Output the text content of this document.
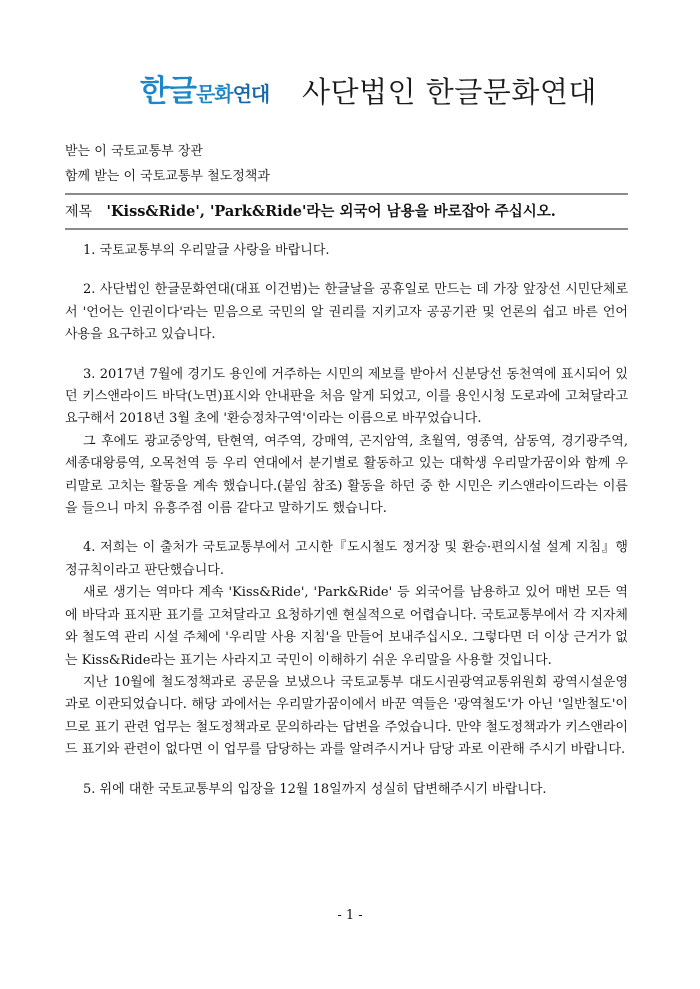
한글문화연대 사단법인 한글문화연대
받는 이 국토교통부 장관
함께 받는 이 국토교통부 철도정책과
제목 'Kiss&Ride', 'Park&Ride'라는 외국어 남용을 바로잡아 주십시오.

1. 국토교통부의 우리말글 사랑을 바랍니다.

2. 사단법인 한글문화연대(대표 이건범)는 한글날을 공휴일로 만드는 데 가장 앞장선 시민단체로서 '언어는 인권이다'라는 믿음으로 국민의 알 권리를 지키고자 공공기관 및 언론의 쉽고 바른 언어 사용을 요구하고 있습니다.

3. 2017년 7월에 경기도 용인에 거주하는 시민의 제보를 받아서 신분당선 동천역에 표시되어 있던 키스앤라이드 바닥(노면)표시와 안내판을 처음 알게 되었고, 이를 용인시청 도로과에 고쳐달라고 요구해서 2018년 3월 초에 '환승정차구역'이라는 이름으로 바꾸었습니다.

그 후에도 광교중앙역, 탄현역, 여주역, 강매역, 곤지암역, 초월역, 영종역, 삼동역, 경기광주역, 세종대왕릉역, 오목천역 등 우리 연대에서 분기별로 활동하고 있는 대학생 우리말가꿈이와 함께 우리말로 고치는 활동을 계속 했습니다.(붙임 참조) 활동을 하던 중 한 시민은 키스앤라이드라는 이름을 들으니 마치 유흥주점 이름 같다고 말하기도 했습니다.

4. 저희는 이 출처가 국토교통부에서 고시한『도시철도 정거장 및 환승·편의시설 설계 지침』행정규칙이라고 판단했습니다.

새로 생기는 역마다 계속 'Kiss&Ride', 'Park&Ride' 등 외국어를 남용하고 있어 매번 모든 역에 바닥과 표지판 표기를 고쳐달라고 요청하기엔 현실적으로 어렵습니다. 국토교통부에서 각 지자체와 철도역 관리 시설 주체에 '우리말 사용 지침'을 만들어 보내주십시오. 그렇다면 더 이상 근거가 없는 Kiss&Ride라는 표기는 사라지고 국민이 이해하기 쉬운 우리말을 사용할 것입니다.

지난 10월에 철도정책과로 공문을 보냈으나 국토교통부 대도시권광역교통위원회 광역시설운영과로 이관되었습니다. 해당 과에서는 우리말가꿈이에서 바꾼 역들은 '광역철도'가 아닌 '일반철도'이므로 표기 관련 업무는 철도정책과로 문의하라는 답변을 주었습니다. 만약 철도정책과가 키스앤라이드 표기와 관련이 없다면 이 업무를 담당하는 과를 알려주시거나 담당 과로 이관해 주시기 바랍니다.

5. 위에 대한 국토교통부의 입장을 12월 18일까지 성실히 답변해주시기 바랍니다.

- 1 -
